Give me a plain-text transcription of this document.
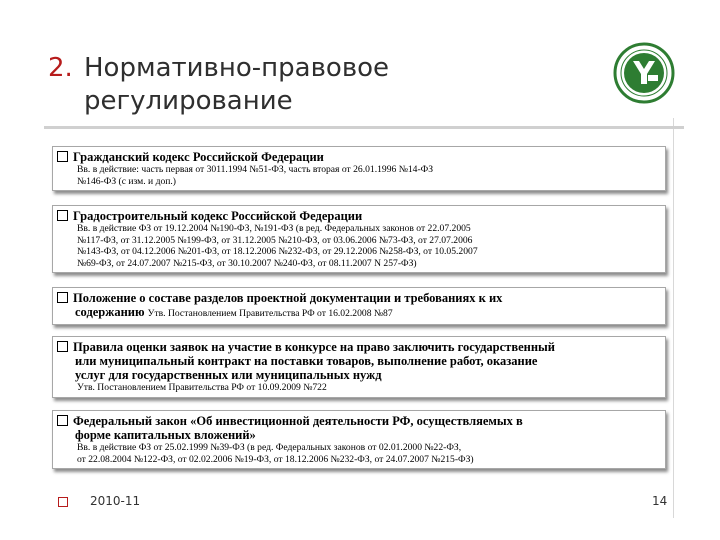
2. Нормативно-правовое
регулирование
Гражданский кодекс Российской Федерации
Вв. в действие: часть первая от 3011.1994 №51-ФЗ, часть вторая от 26.01.1996 №14-ФЗ
№146-ФЗ (с изм. и доп.)
Градостроительный кодекс Российской Федерации
Вв. в действие ФЗ от 19.12.2004 №190-ФЗ, №191-ФЗ (в ред. Федеральных законов от 22.07.2005
№117-ФЗ, от 31.12.2005 №199-ФЗ, от 31.12.2005 №210-ФЗ, от 03.06.2006 №73-ФЗ, от 27.07.2006
№143-ФЗ, от 04.12.2006 №201-ФЗ, от 18.12.2006 №232-ФЗ, от 29.12.2006 №258-ФЗ, от 10.05.2007
№69-ФЗ, от 24.07.2007 №215-ФЗ, от 30.10.2007 №240-ФЗ, от 08.11.2007 N 257-ФЗ)
Положение о составе разделов проектной документации и требованиях к их
содержанию Утв. Постановлением Правительства РФ от 16.02.2008 №87
Правила оценки заявок на участие в конкурсе на право заключить государственный
или муниципальный контракт на поставки товаров, выполнение работ, оказание
услуг для государственных или муниципальных нужд
Утв. Постановлением Правительства РФ от 10.09.2009 №722
Федеральный закон «Об инвестиционной деятельности РФ, осуществляемых в
форме капитальных вложений»
Вв. в действие ФЗ от 25.02.1999 №39-ФЗ (в ред. Федеральных законов от 02.01.2000 №22-ФЗ,
от 22.08.2004 №122-ФЗ, от 02.02.2006 №19-ФЗ, от 18.12.2006 №232-ФЗ, от 24.07.2007 №215-ФЗ)
2010-11	14
